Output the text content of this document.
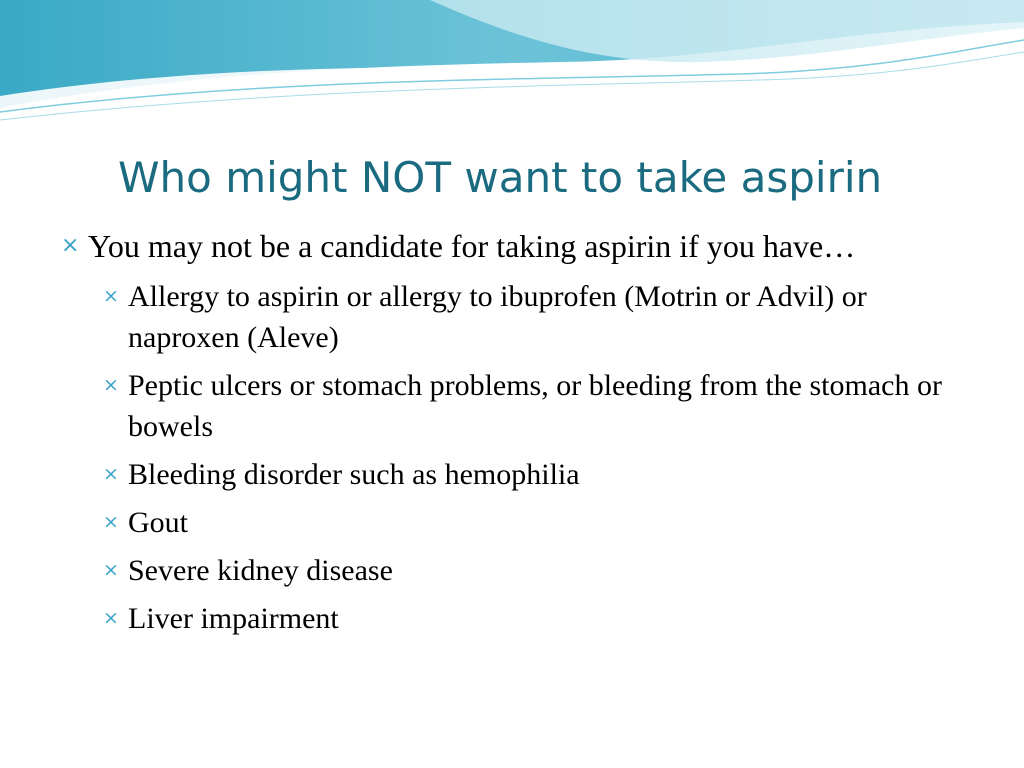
Who might NOT want to take aspirin
× You may not be a candidate for taking aspirin if you have…
× Allergy to aspirin or allergy to ibuprofen (Motrin or Advil) or naproxen (Aleve)
× Peptic ulcers or stomach problems, or bleeding from the stomach or bowels
× Bleeding disorder such as hemophilia
× Gout
× Severe kidney disease
× Liver impairment
